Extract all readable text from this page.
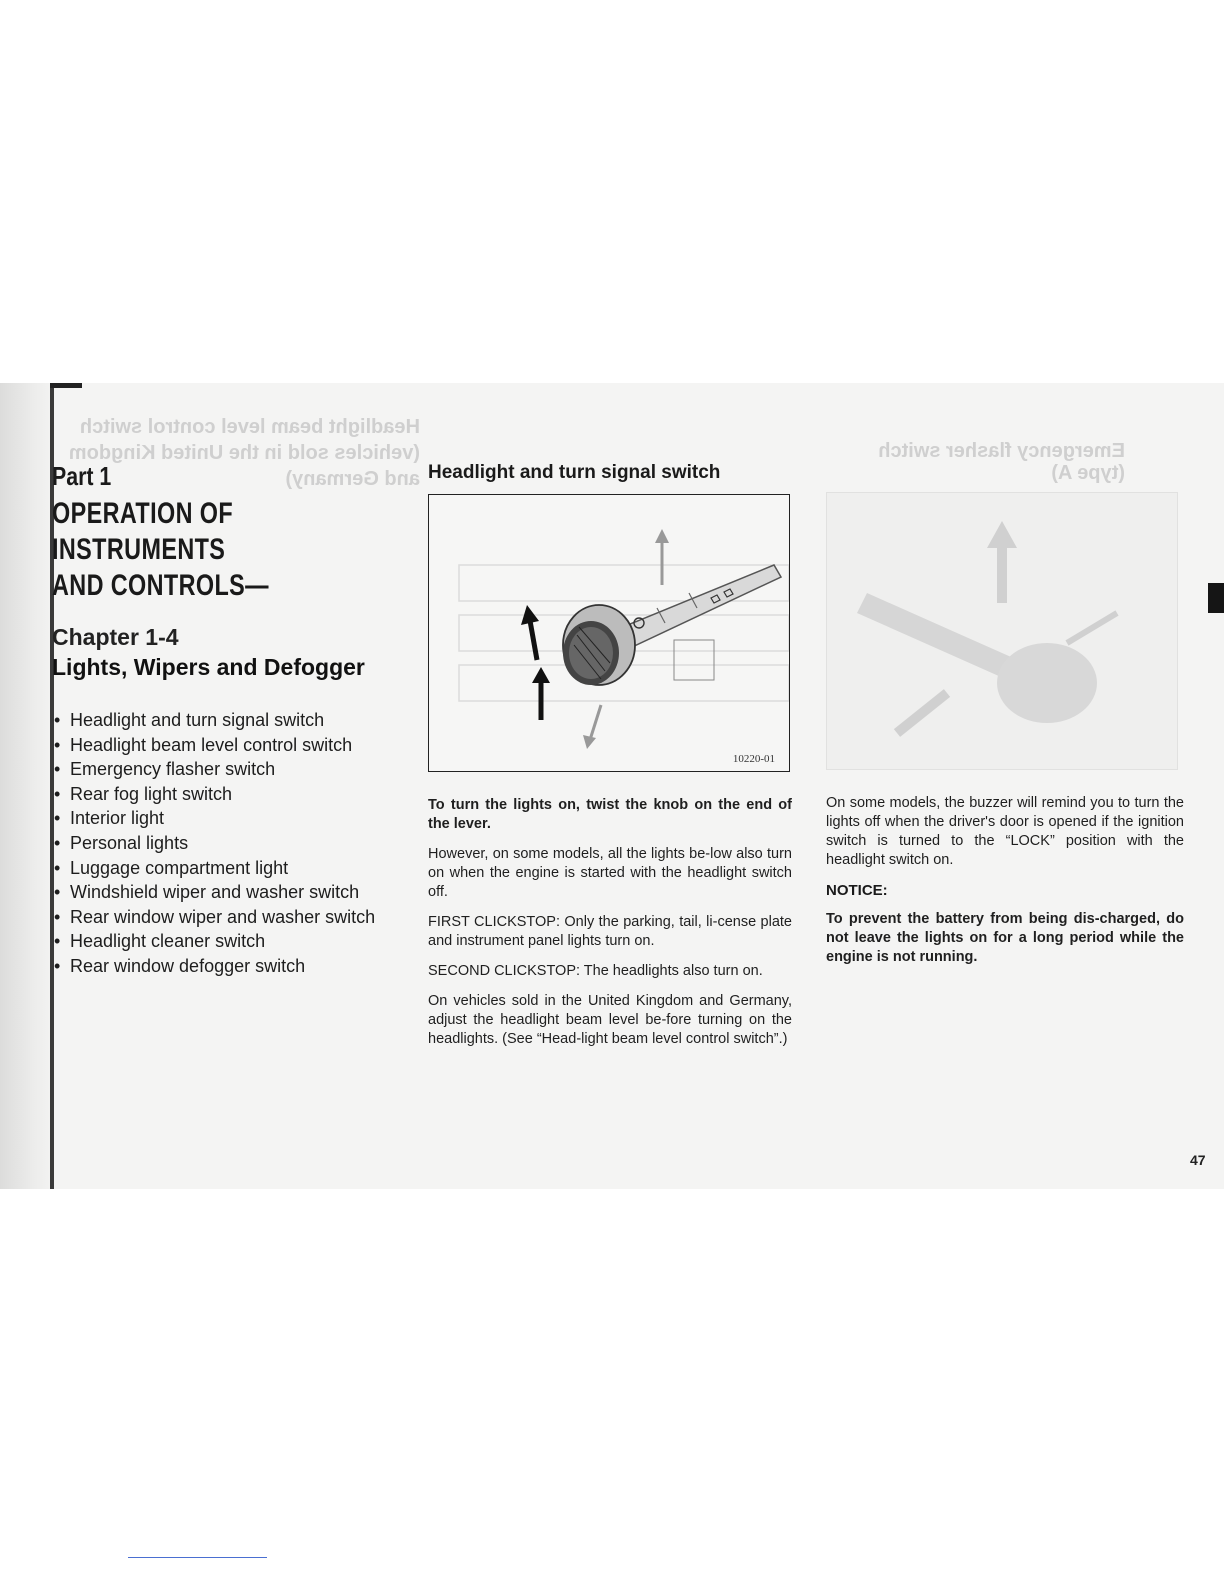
Headlight beam level control switch (vehicles sold in the United Kingdom and Germany)
Emergency flasher switch (type A)
Part 1
OPERATION OF
INSTRUMENTS
AND CONTROLS—
Chapter 1-4
Lights, Wipers and Defogger
• Headlight and turn signal switch
• Headlight beam level control switch
• Emergency flasher switch
• Rear fog light switch
• Interior light
• Personal lights
• Luggage compartment light
• Windshield wiper and washer switch
• Rear window wiper and washer switch
• Headlight cleaner switch
• Rear window defogger switch
Headlight and turn signal switch
10220-01

To turn the lights on, twist the knob on the end of the lever.

However, on some models, all the lights be-low also turn on when the engine is started with the headlight switch off.

FIRST CLICKSTOP: Only the parking, tail, li-cense plate and instrument panel lights turn on.

SECOND CLICKSTOP: The headlights also turn on.

On vehicles sold in the United Kingdom and Germany, adjust the headlight beam level be-fore turning on the headlights. (See “Head-light beam level control switch”.)

On some models, the buzzer will remind you to turn the lights off when the driver's door is opened if the ignition switch is turned to the “LOCK” position with the headlight switch on.

NOTICE:

To prevent the battery from being dis-charged, do not leave the lights on for a long period while the engine is not running.

47
